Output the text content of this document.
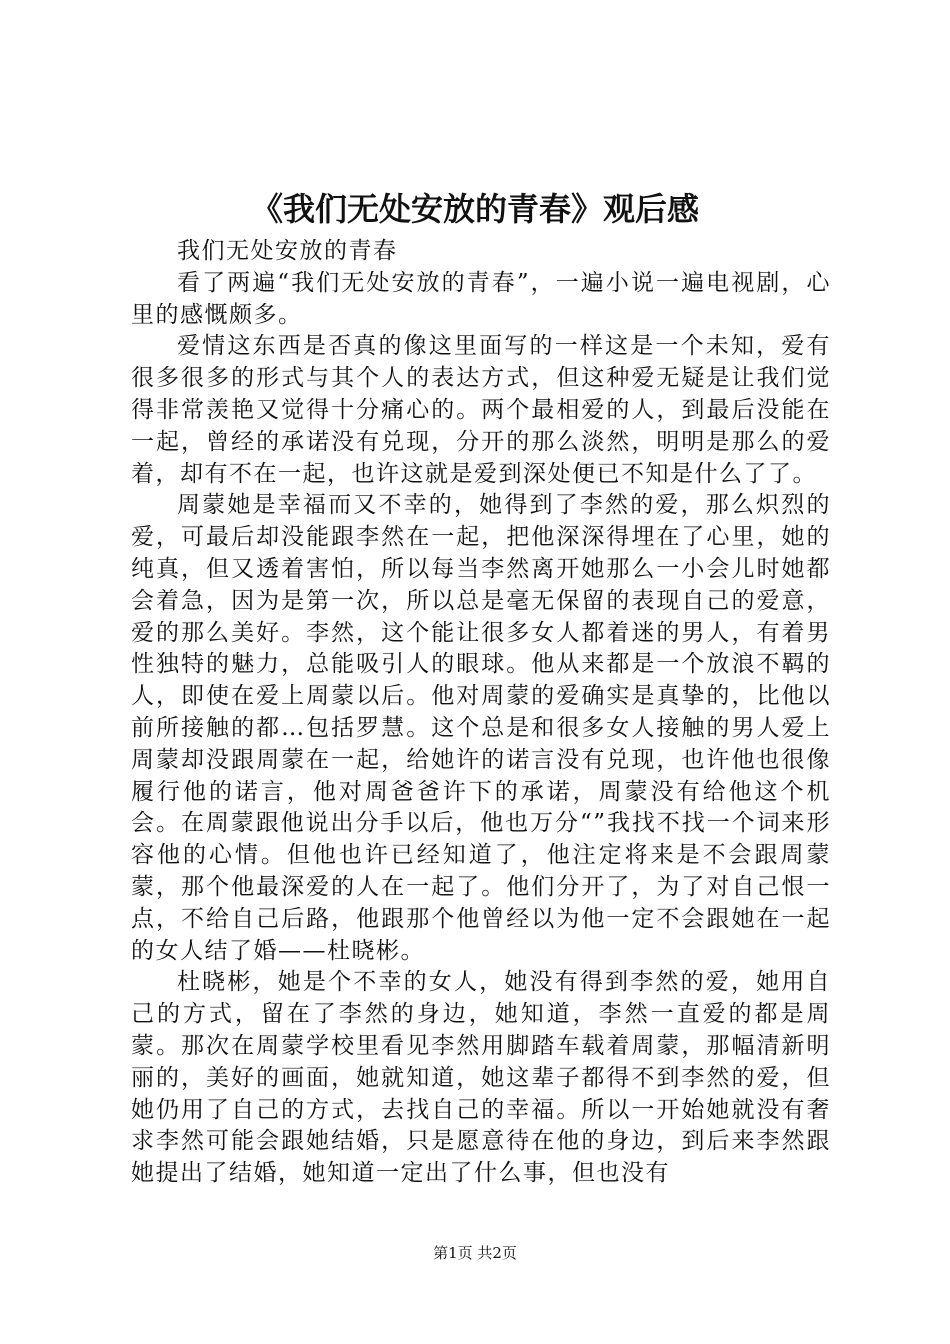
《我们无处安放的青春》观后感

我们无处安放的青春

看了两遍“我们无处安放的青春”，一遍小说一遍电视剧，心里的感慨颇多。

爱情这东西是否真的像这里面写的一样这是一个未知，爱有很多很多的形式与其个人的表达方式，但这种爱无疑是让我们觉得非常羡艳又觉得十分痛心的。两个最相爱的人，到最后没能在一起，曾经的承诺没有兑现，分开的那么淡然，明明是那么的爱着，却有不在一起，也许这就是爱到深处便已不知是什么了了。

周蒙她是幸福而又不幸的，她得到了李然的爱，那么炽烈的爱，可最后却没能跟李然在一起，把他深深得埋在了心里，她的纯真，但又透着害怕，所以每当李然离开她那么一小会儿时她都会着急，因为是第一次，所以总是毫无保留的表现自己的爱意，爱的那么美好。李然，这个能让很多女人都着迷的男人，有着男性独特的魅力，总能吸引人的眼球。他从来都是一个放浪不羁的人，即使在爱上周蒙以后。他对周蒙的爱确实是真挚的，比他以前所接触的都…包括罗慧。这个总是和很多女人接触的男人爱上周蒙却没跟周蒙在一起，给她许的诺言没有兑现，也许他也很像履行他的诺言，他对周爸爸许下的承诺，周蒙没有给他这个机会。在周蒙跟他说出分手以后，他也万分“”我找不找一个词来形容他的心情。但他也许已经知道了，他注定将来是不会跟周蒙蒙，那个他最深爱的人在一起了。他们分开了，为了对自己恨一点，不给自己后路，他跟那个他曾经以为他一定不会跟她在一起的女人结了婚——杜晓彬。

杜晓彬，她是个不幸的女人，她没有得到李然的爱，她用自己的方式，留在了李然的身边，她知道，李然一直爱的都是周蒙。那次在周蒙学校里看见李然用脚踏车载着周蒙，那幅清新明丽的，美好的画面，她就知道，她这辈子都得不到李然的爱，但她仍用了自己的方式，去找自己的幸福。所以一开始她就没有奢求李然可能会跟她结婚，只是愿意待在他的身边，到后来李然跟她提出了结婚，她知道一定出了什么事，但也没有

第1页 共2页
